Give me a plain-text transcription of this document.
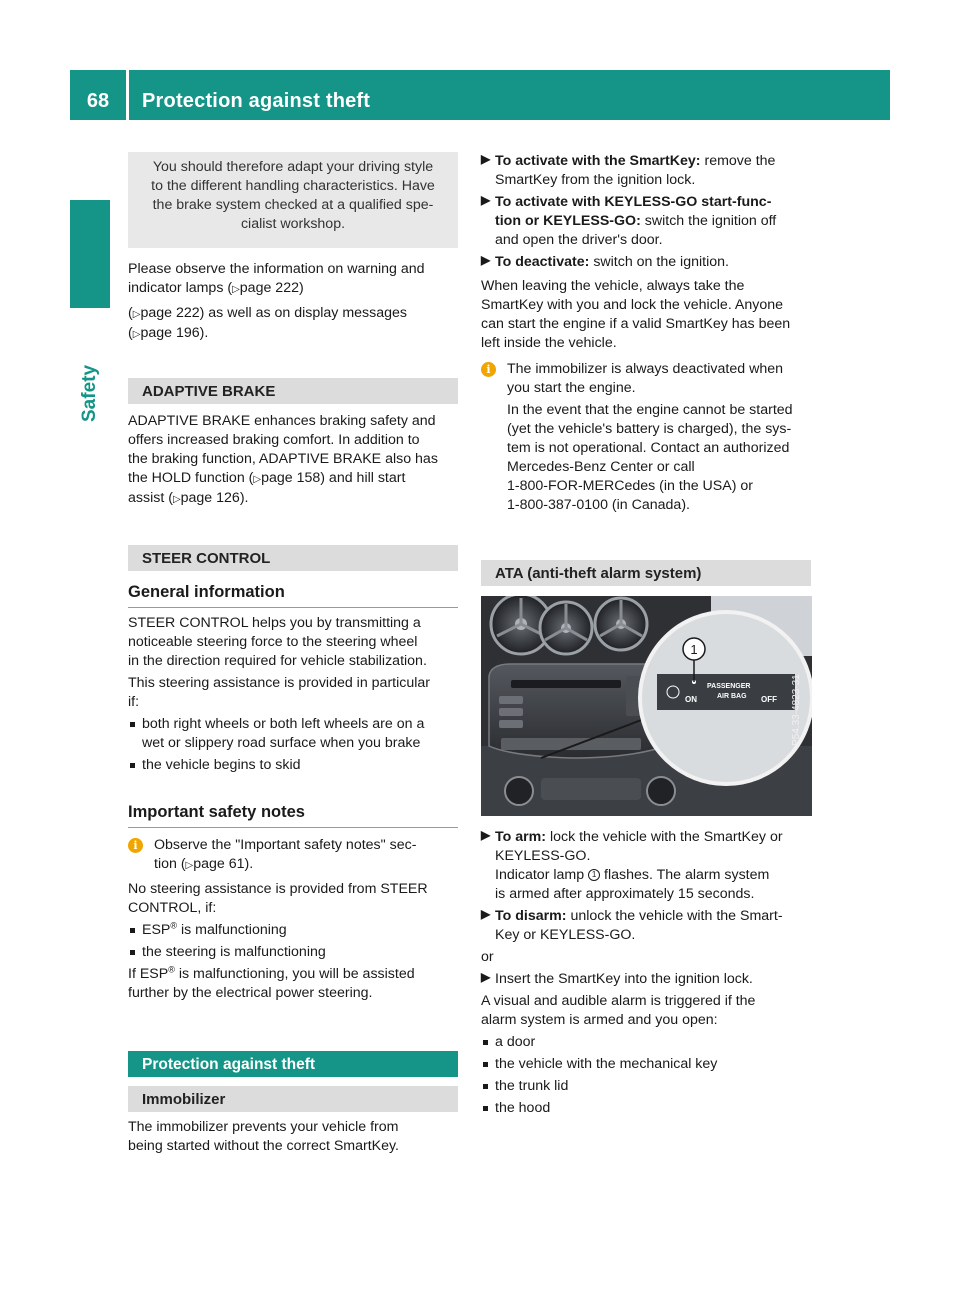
68	Protection against theft
Safety

You should therefore adapt your driving style

to the different handling characteristics. Have

the brake system checked at a qualified spe-

cialist workshop.

Please observe the information on warning and

indicator lamps (▷page 222)

(▷page 222) as well as on display messages

(▷page 196).

ADAPTIVE BRAKE

ADAPTIVE BRAKE enhances braking safety and

offers increased braking comfort. In addition to

the braking function, ADAPTIVE BRAKE also has

the HOLD function (▷page 158) and hill start

assist (▷page 126).

STEER CONTROL
General information

STEER CONTROL helps you by transmitting a

noticeable steering force to the steering wheel

in the direction required for vehicle stabilization.

This steering assistance is provided in particular

if:

both right wheels or both left wheels are on a

wet or slippery road surface when you brake

the vehicle begins to skid

Important safety notes
i	Observe the "Important safety notes" sec-

tion (▷page 61).

No steering assistance is provided from STEER

CONTROL, if:

ESP® is malfunctioning

the steering is malfunctioning

If ESP® is malfunctioning, you will be assisted

further by the electrical power steering.

Protection against theft
Immobilizer

The immobilizer prevents your vehicle from

being started without the correct SmartKey.

▶ To activate with the SmartKey: remove the

SmartKey from the ignition lock.

▶ To activate with KEYLESS-GO start-func-

tion or KEYLESS-GO: switch the ignition off

and open the driver's door.

▶ To deactivate: switch on the ignition.

When leaving the vehicle, always take the

SmartKey with you and lock the vehicle. Anyone

can start the engine if a valid SmartKey has been

left inside the vehicle.

i	The immobilizer is always deactivated when

you start the engine.

In the event that the engine cannot be started

(yet the vehicle's battery is charged), the sys-

tem is not operational. Contact an authorized

Mercedes-Benz Center or call

1-800-FOR-MERCedes (in the USA) or

1-800-387-0100 (in Canada).

ATA (anti-theft alarm system)
1
ON
PASSENGER
AIR BAG OFF P54.33-4823-31
▶ To arm: lock the vehicle with the SmartKey or

KEYLESS-GO.

Indicator lamp 1 flashes. The alarm system

is armed after approximately 15 seconds.

▶ To disarm: unlock the vehicle with the Smart-

Key or KEYLESS-GO.

or

▶ Insert the SmartKey into the ignition lock.

A visual and audible alarm is triggered if the

alarm system is armed and you open:

a door

the vehicle with the mechanical key

the trunk lid

the hood
